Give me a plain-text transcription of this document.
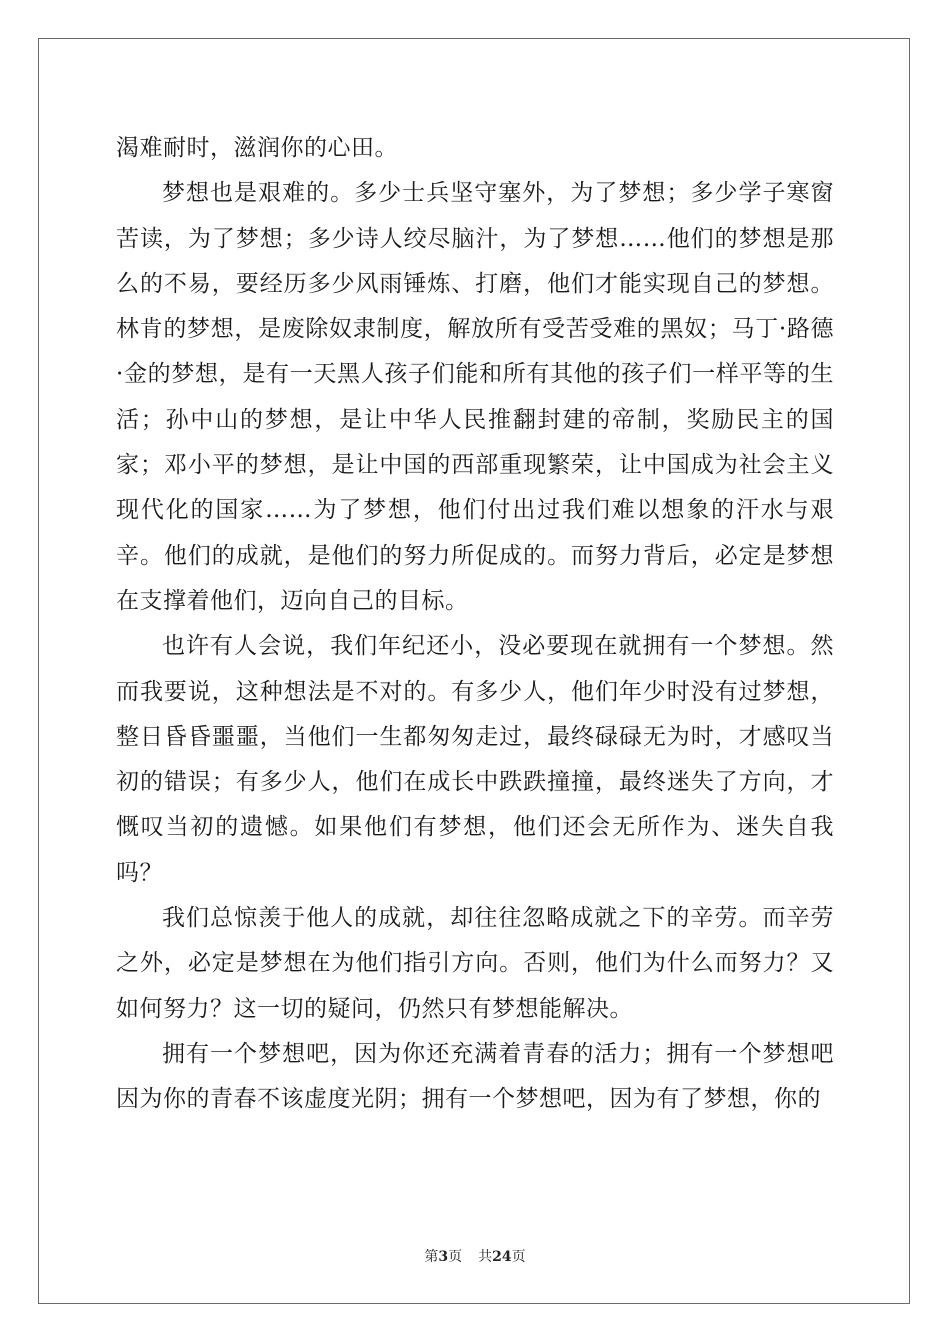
渴难耐时，滋润你的心田。

梦想也是艰难的。多少士兵坚守塞外，为了梦想；多少学子寒窗苦读，为了梦想；多少诗人绞尽脑汁，为了梦想……他们的梦想是那么的不易，要经历多少风雨锤炼、打磨，他们才能实现自己的梦想。林肯的梦想，是废除奴隶制度，解放所有受苦受难的黑奴；马丁·路德·金的梦想，是有一天黑人孩子们能和所有其他的孩子们一样平等的生活；孙中山的梦想，是让中华人民推翻封建的帝制，奖励民主的国家；邓小平的梦想，是让中国的西部重现繁荣，让中国成为社会主义现代化的国家……为了梦想，他们付出过我们难以想象的汗水与艰辛。他们的成就，是他们的努力所促成的。而努力背后，必定是梦想在支撑着他们，迈向自己的目标。

也许有人会说，我们年纪还小，没必要现在就拥有一个梦想。然而我要说，这种想法是不对的。有多少人，他们年少时没有过梦想，整日昏昏噩噩，当他们一生都匆匆走过，最终碌碌无为时，才感叹当初的错误；有多少人，他们在成长中跌跌撞撞，最终迷失了方向，才慨叹当初的遗憾。如果他们有梦想，他们还会无所作为、迷失自我吗？

我们总惊羡于他人的成就，却往往忽略成就之下的辛劳。而辛劳之外，必定是梦想在为他们指引方向。否则，他们为什么而努力？又如何努力？这一切的疑问，仍然只有梦想能解决。

拥有一个梦想吧，因为你还充满着青春的活力；拥有一个梦想吧因为你的青春不该虚度光阴；拥有一个梦想吧，因为有了梦想，你的

第3页 共24页
